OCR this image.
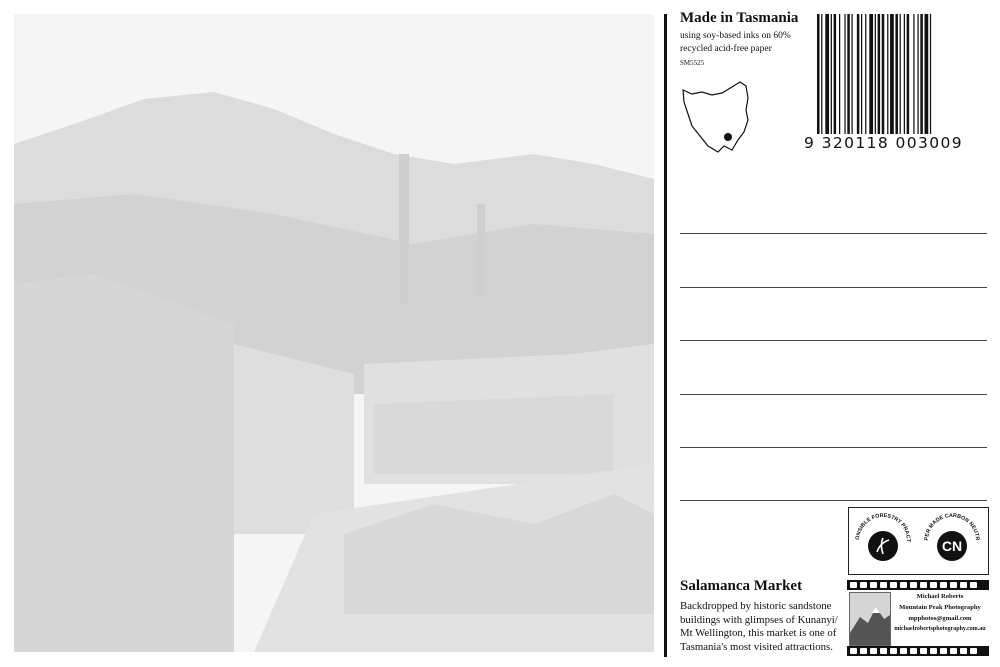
Made in Tasmania

using soy-based inks on 60% recycled acid-free paper

SM5525

9 320118 003009

ONSIBLE FORESTRY PRACT CN
PER MADE CARBON NEUTR

Salamanca Market

Backdropped by historic sandstone buildings with glimpses of Kunanyi/ Mt Wellington, this market is one of Tasmania's most visited attractions.

Michael Roberts
Mountain Peak Photography
mpphotos@gmail.com
michaelrobertsphotography.com.au
